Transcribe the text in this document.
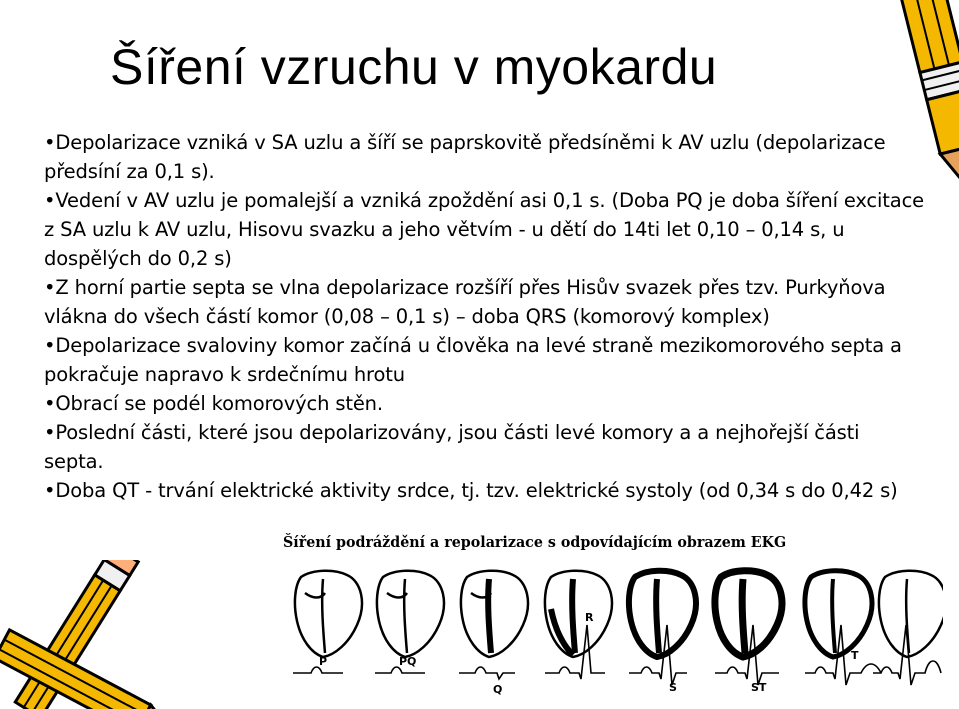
Šíření vzruchu v myokardu

• Depolarizace vzniká v SA uzlu a šíří se paprskovitě předsíněmi k AV uzlu (depolarizace předsíní za 0,1 s).

• Vedení v AV uzlu je pomalejší a vzniká zpoždění asi 0,1 s. (Doba PQ je doba šíření excitace z SA uzlu k AV uzlu, Hisovu svazku a jeho větvím - u dětí do 14ti let 0,10 – 0,14 s, u dospělých do 0,2 s)

• Z horní partie septa se vlna depolarizace rozšíří přes Hisův svazek přes tzv. Purkyňova vlákna do všech částí komor (0,08 – 0,1 s) – doba QRS (komorový komplex)

• Depolarizace svaloviny komor začíná u člověka na levé straně mezikomorového septa a pokračuje napravo k srdečnímu hrotu

• Obrací se podél komorových stěn.

• Poslední části, které jsou depolarizovány, jsou části levé komory a a nejhořejší části septa.

• Doba QT - trvání elektrické aktivity srdce, tj. tzv. elektrické systoly (od 0,34 s do 0,42 s)

Šíření podráždění a repolarizace s odpovídajícím obrazem EKG
P	PQ
Q
R
S	ST
T
